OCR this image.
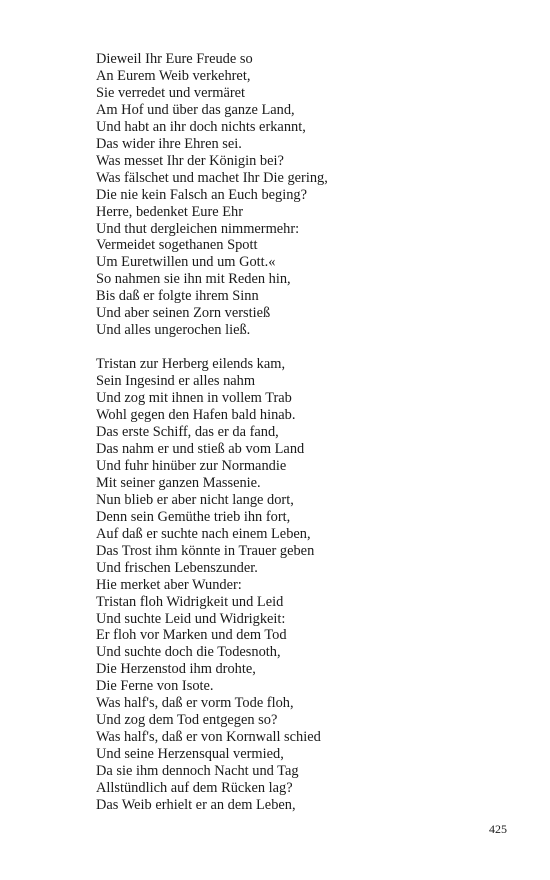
Dieweil Ihr Eure Freude so
An Eurem Weib verkehret,
Sie verredet und vermäret
Am Hof und über das ganze Land,
Und habt an ihr doch nichts erkannt,
Das wider ihre Ehren sei.
Was messet Ihr der Königin bei?
Was fälschet und machet Ihr Die gering,
Die nie kein Falsch an Euch beging?
Herre, bedenket Eure Ehr
Und thut dergleichen nimmermehr:
Vermeidet sogethanen Spott
Um Euretwillen und um Gott.«
So nahmen sie ihn mit Reden hin,
Bis daß er folgte ihrem Sinn
Und aber seinen Zorn verstieß
Und alles ungerochen ließ.
Tristan zur Herberg eilends kam,
Sein Ingesind er alles nahm
Und zog mit ihnen in vollem Trab
Wohl gegen den Hafen bald hinab.
Das erste Schiff, das er da fand,
Das nahm er und stieß ab vom Land
Und fuhr hinüber zur Normandie
Mit seiner ganzen Massenie.
Nun blieb er aber nicht lange dort,
Denn sein Gemüthe trieb ihn fort,
Auf daß er suchte nach einem Leben,
Das Trost ihm könnte in Trauer geben
Und frischen Lebenszunder.
Hie merket aber Wunder:
Tristan floh Widrigkeit und Leid
Und suchte Leid und Widrigkeit:
Er floh vor Marken und dem Tod
Und suchte doch die Todesnoth,
Die Herzenstod ihm drohte,
Die Ferne von Isote.
Was half's, daß er vorm Tode floh,
Und zog dem Tod entgegen so?
Was half's, daß er von Kornwall schied
Und seine Herzensqual vermied,
Da sie ihm dennoch Nacht und Tag
Allstündlich auf dem Rücken lag?
Das Weib erhielt er an dem Leben,
425
